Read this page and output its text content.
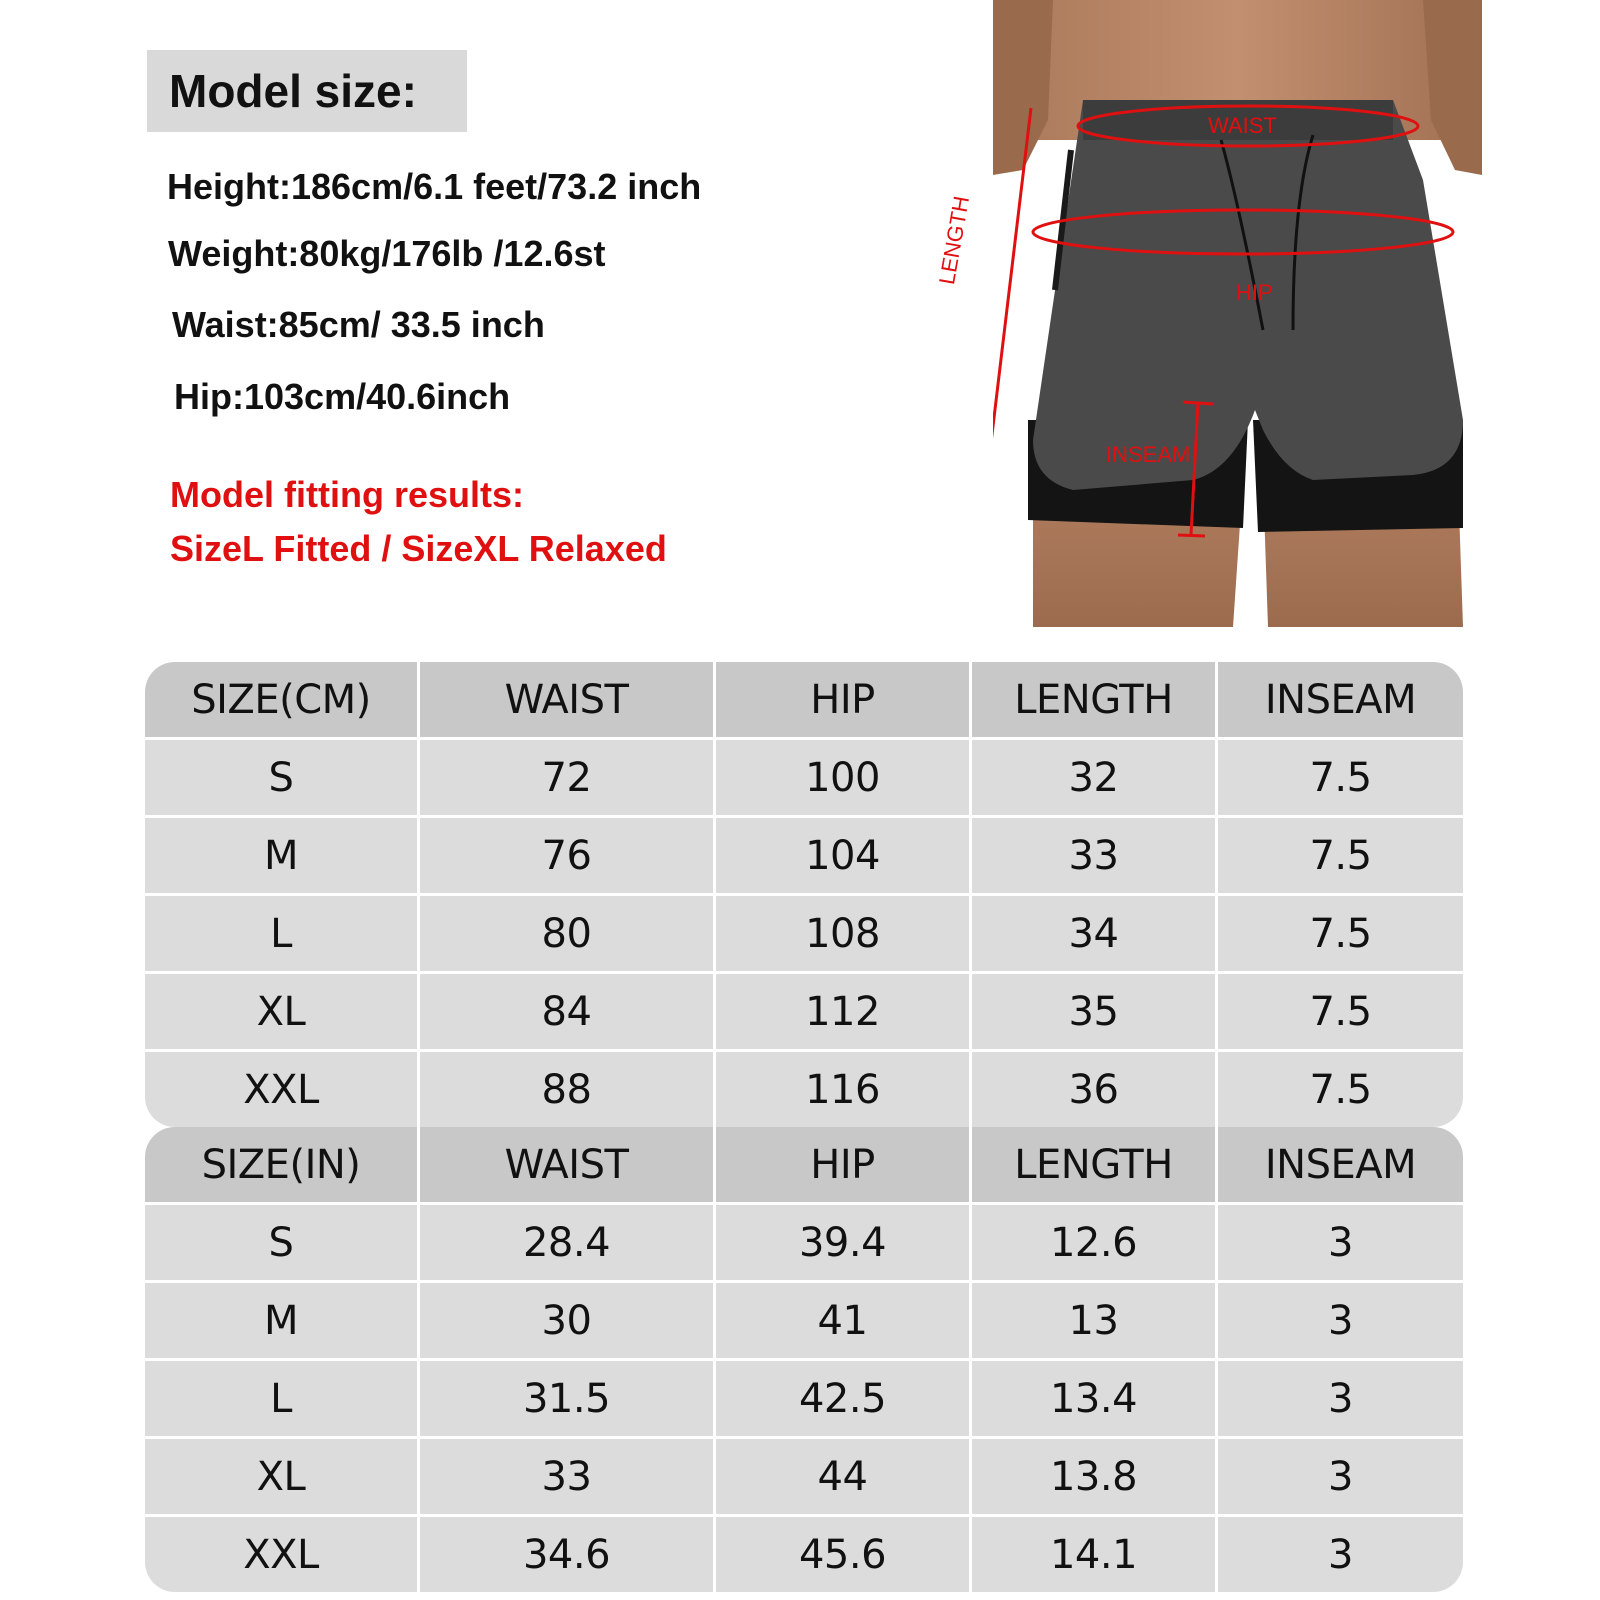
Model size:
Height:186cm/6.1 feet/73.2 inch
Weight:80kg/176lb /12.6st
Waist:85cm/ 33.5 inch
Hip:103cm/40.6inch
Model fitting results:
SizeL Fitted / SizeXL Relaxed
WAIST
HIP
INSEAM
LENGTH
SIZE(CM)	WAIST	HIP	LENGTH	INSEAM
S	72	100	32	7.5
M	76	104	33	7.5
L	80	108	34	7.5
XL	84	112	35	7.5
XXL	88	116	36	7.5
SIZE(IN)	WAIST	HIP	LENGTH	INSEAM
S	28.4	39.4	12.6	3
M	30	41	13	3
L	31.5	42.5	13.4	3
XL	33	44	13.8	3
XXL	34.6	45.6	14.1	3
